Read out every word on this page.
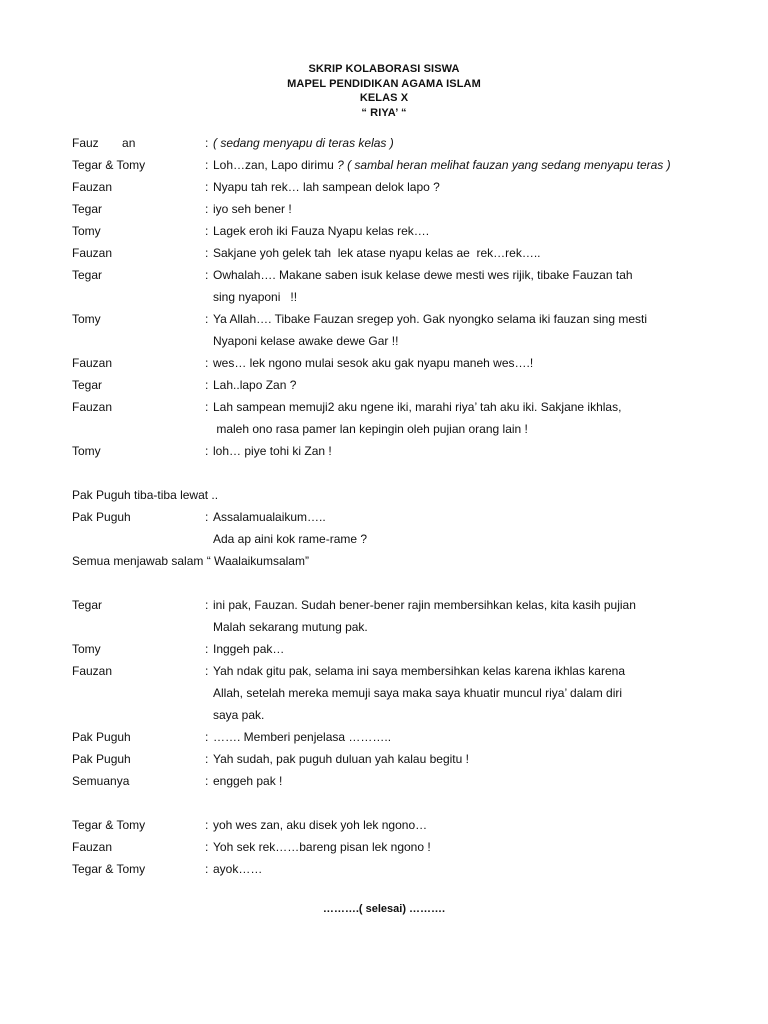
SKRIP KOLABORASI SISWA
MAPEL PENDIDIKAN AGAMA ISLAM
KELAS X
“ RIYA’ “
Fauz       an	: ( sedang menyapu di teras kelas )
Tegar & Tomy	: Loh…zan, Lapo dirimu ? ( sambal heran melihat fauzan yang sedang menyapu teras )
Fauzan	: Nyapu tah rek… lah sampean delok lapo ?
Tegar	: iyo seh bener !
Tomy	: Lagek eroh iki Fauza Nyapu kelas rek….
Fauzan	: Sakjane yoh gelek tah  lek atase nyapu kelas ae  rek…rek…..
Tegar	: Owhalah…. Makane saben isuk kelase dewe mesti wes rijik, tibake Fauzan tah
sing nyaponi   !!
Tomy	: Ya Allah…. Tibake Fauzan sregep yoh. Gak nyongko selama iki fauzan sing mesti
Nyaponi kelase awake dewe Gar !!
Fauzan	: wes… lek ngono mulai sesok aku gak nyapu maneh wes….!
Tegar	: Lah..lapo Zan ?
Fauzan	: Lah sampean memuji2 aku ngene iki, marahi riya’ tah aku iki. Sakjane ikhlas,
maleh ono rasa pamer lan kepingin oleh pujian orang lain !
Tomy	: loh… piye tohi ki Zan !
Pak Puguh tiba-tiba lewat ..
Pak Puguh	: Assalamualaikum…..
Ada ap aini kok rame-rame ?
Semua menjawab salam “ Waalaikumsalam”
Tegar	: ini pak, Fauzan. Sudah bener-bener rajin membersihkan kelas, kita kasih pujian
Malah sekarang mutung pak.
Tomy	: Inggeh pak…
Fauzan	: Yah ndak gitu pak, selama ini saya membersihkan kelas karena ikhlas karena
Allah, setelah mereka memuji saya maka saya khuatir muncul riya’ dalam diri
saya pak.
Pak Puguh	: ……. Memberi penjelasa ………..
Pak Puguh	: Yah sudah, pak puguh duluan yah kalau begitu !
Semuanya	: enggeh pak !
Tegar & Tomy	: yoh wes zan, aku disek yoh lek ngono…
Fauzan	: Yoh sek rek……bareng pisan lek ngono !
Tegar & Tomy	: ayok……
……….( selesai) ……….
